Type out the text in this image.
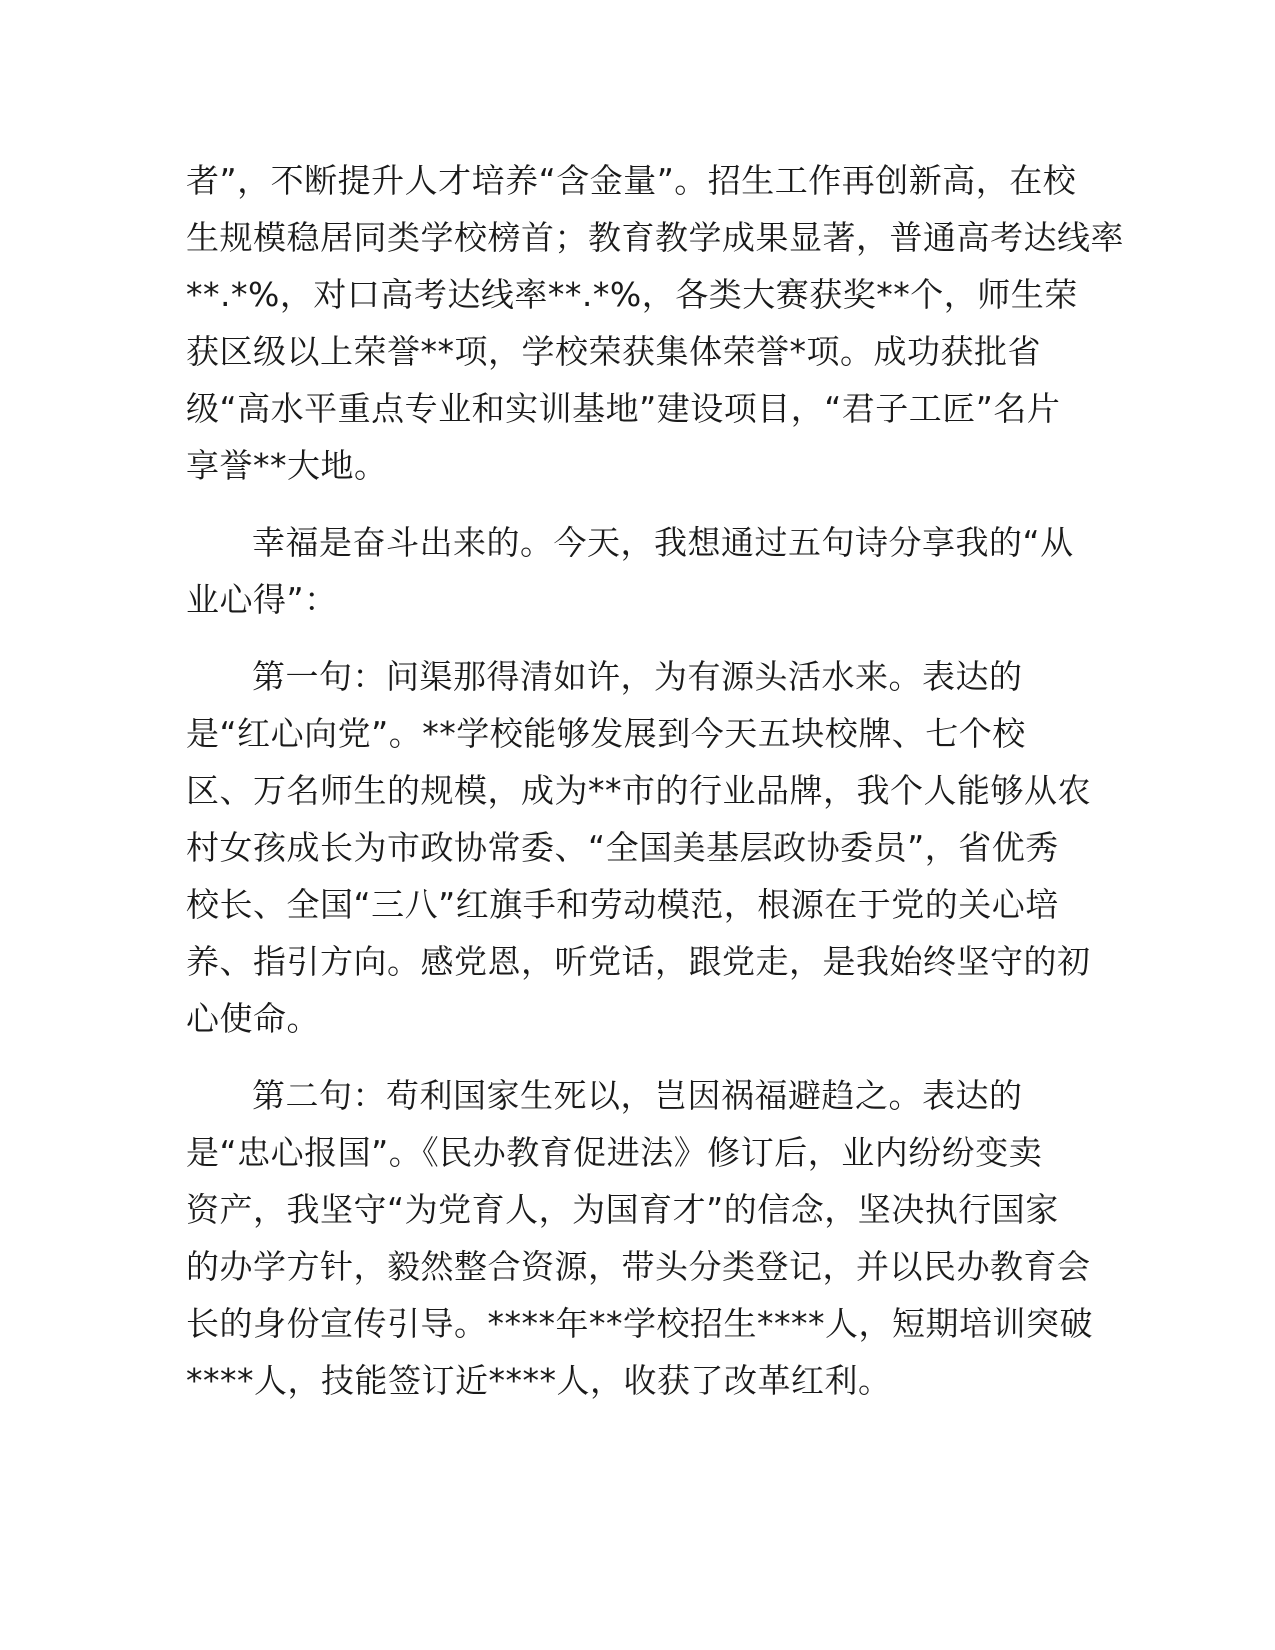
者”，不断提升人才培养“含金量”。招生工作再创新高，在校
生规模稳居同类学校榜首；教育教学成果显著，普通高考达线率
**.*%，对口高考达线率**.*%，各类大赛获奖**个，师生荣
获区级以上荣誉**项，学校荣获集体荣誉*项。成功获批省
级“高水平重点专业和实训基地”建设项目，“君子工匠”名片
享誉**大地。
幸福是奋斗出来的。今天，我想通过五句诗分享我的“从
业心得”：
第一句：问渠那得清如许，为有源头活水来。表达的
是“红心向党”。**学校能够发展到今天五块校牌、七个校
区、万名师生的规模，成为**市的行业品牌，我个人能够从农
村女孩成长为市政协常委、“全国美基层政协委员”，省优秀
校长、全国“三八”红旗手和劳动模范，根源在于党的关心培
养、指引方向。感党恩，听党话，跟党走，是我始终坚守的初
心使命。
第二句：苟利国家生死以，岂因祸福避趋之。表达的
是“忠心报国”。《民办教育促进法》修订后，业内纷纷变卖
资产，我坚守“为党育人，为国育才”的信念，坚决执行国家
的办学方针，毅然整合资源，带头分类登记，并以民办教育会
长的身份宣传引导。****年**学校招生****人，短期培训突破
****人，技能签订近****人，收获了改革红利。
